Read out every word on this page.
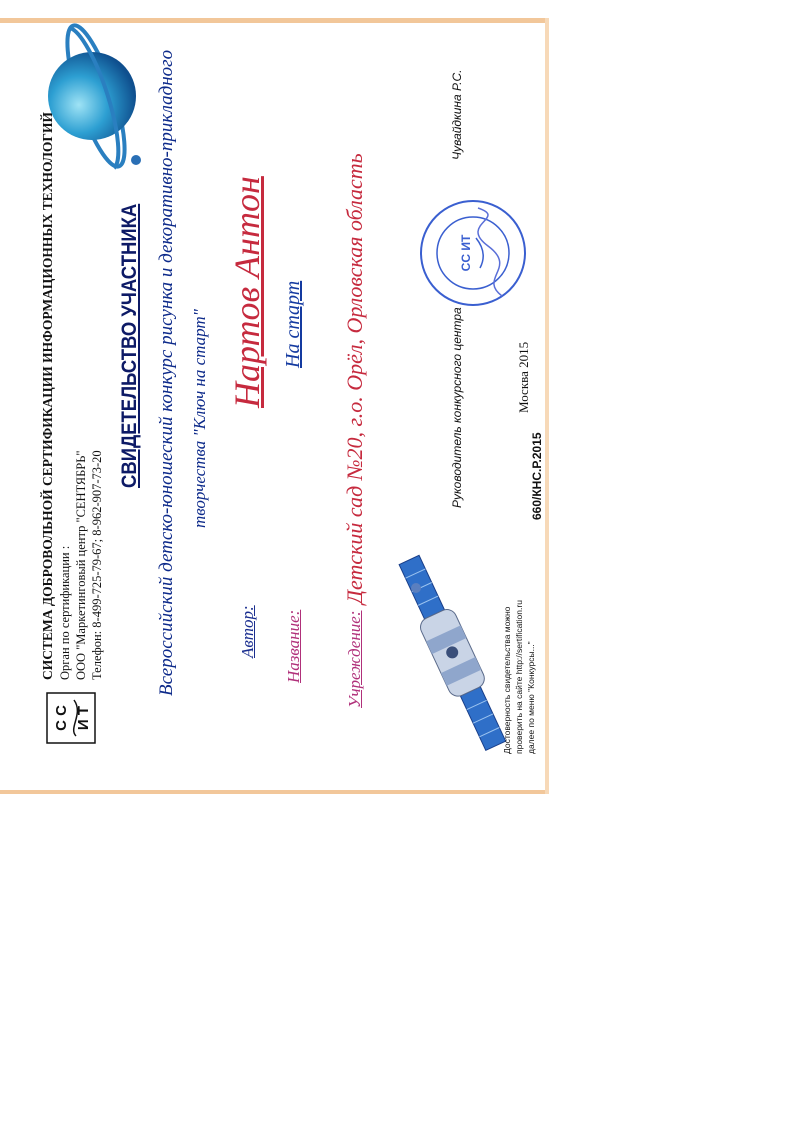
С С И Т
СИСТЕМА ДОБРОВОЛЬНОЙ СЕРТИФИКАЦИИ ИНФОРМАЦИОННЫХ ТЕХНОЛОГИЙ Орган по сертификации : ООО "Маркетинговый центр "СЕНТЯБРЬ" Телефон: 8-499-725-79-67; 8-962-907-73-20
СВИДЕТЕЛЬСТВО УЧАСТНИКА Всероссийский детско-юношеский конкурс рисунка и декоративно-прикладного творчества "Ключ на старт"
Автор:
Нартов Антон
Название:
На старт
Учреждение:
Детский сад №20, г.о. Орёл, Орловская область	Руководитель конкурсного центра
СС ИТ
Чувайдкина Р.С.
Москва 2015
660/КНС.Р.2015
Достоверность свидетельства можно проверить на сайте http://sertification.ru далее по меню "Конкурсы..."
